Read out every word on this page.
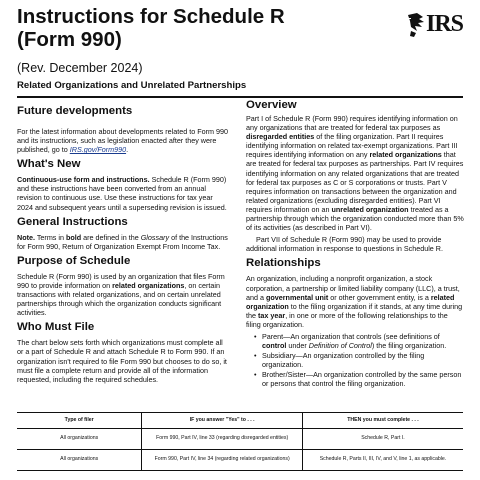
Instructions for Schedule R (Form 990)
(Rev. December 2024)
Related Organizations and Unrelated Partnerships
IRS
Future developments

For the latest information about developments related to Form 990 and its instructions, such as legislation enacted after they were published, go to IRS.gov/Form990.

What's New

Continuous-use form and instructions. Schedule R (Form 990) and these instructions have been converted from an annual revision to continuous use. Use these instructions for tax year 2024 and subsequent years until a superseding revision is issued.

General Instructions

Note. Terms in bold are defined in the Glossary of the Instructions for Form 990, Return of Organization Exempt From Income Tax.

Purpose of Schedule

Schedule R (Form 990) is used by an organization that files Form 990 to provide information on related organizations, on certain transactions with related organizations, and on certain unrelated partnerships through which the organization conducts significant activities.

Who Must File

The chart below sets forth which organizations must complete all or a part of Schedule R and attach Schedule R to Form 990. If an organization isn't required to file Form 990 but chooses to do so, it must file a complete return and provide all of the information requested, including the required schedules.

Overview

Part I of Schedule R (Form 990) requires identifying information on any organizations that are treated for federal tax purposes as disregarded entities of the filing organization. Part II requires identifying information on related tax-exempt organizations. Part III requires identifying information on any related organizations that are treated for federal tax purposes as partnerships. Part IV requires identifying information on any related organizations that are treated for federal tax purposes as C or S corporations or trusts. Part V requires information on transactions between the organization and related organizations (excluding disregarded entities). Part VI requires information on an unrelated organization treated as a partnership through which the organization conducted more than 5% of its activities (as described in Part VI).

Part VII of Schedule R (Form 990) may be used to provide additional information in response to questions in Schedule R.

Relationships

An organization, including a nonprofit organization, a stock corporation, a partnership or limited liability company (LLC), a trust, and a governmental unit or other government entity, is a related organization to the filing organization if it stands, at any time during the tax year, in one or more of the following relationships to the filing organization.

• Parent—An organization that controls (see definitions of control under Definition of Control) the filing organization.
• Subsidiary—An organization controlled by the filing organization.
• Brother/Sister—An organization controlled by the same person or persons that control the filing organization.
Type of filer	IF you answer "Yes" to . . .	THEN you must complete . . .
All organizations	Form 990, Part IV, line 33 (regarding disregarded entities)	Schedule R, Part I.
All organizations	Form 990, Part IV, line 34 (regarding related organizations)	Schedule R, Parts II, III, IV, and V, line 1, as applicable.
